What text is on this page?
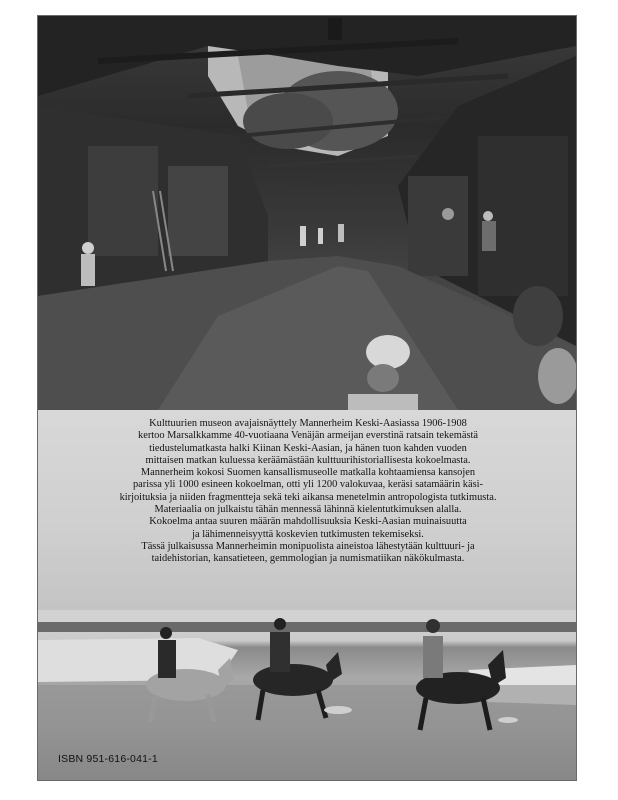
Kulttuurien museon avajaisnäyttely Mannerheim Keski-Aasiassa 1906-1908

kertoo Marsalkkamme 40-vuotiaana Venäjän armeijan everstinä ratsain tekemästä

tiedustelumatkasta halki Kiinan Keski-Aasian, ja hänen tuon kahden vuoden

mittaisen matkan kuluessa keräämästään kulttuurihistoriallisesta kokoelmasta.

Mannerheim kokosi Suomen kansallismuseolle matkalla kohtaamiensa kansojen

parissa yli 1000 esineen kokoelman, otti yli 1200 valokuvaa, keräsi satamäärin käsi-

kirjoituksia ja niiden fragmentteja sekä teki aikansa menetelmin antropologista tutkimusta.

Materiaalia on julkaistu tähän mennessä lähinnä kielentutkimuksen alalla.

Kokoelma antaa suuren määrän mahdollisuuksia Keski-Aasian muinaisuutta

ja lähimenneisyyttä koskevien tutkimusten tekemiseksi.

Tässä julkaisussa Mannerheimin monipuolista aineistoa lähestytään kulttuuri- ja

taidehistorian, kansatieteen, gemmologian ja numismatiikan näkökulmasta.

ISBN 951-616-041-1
